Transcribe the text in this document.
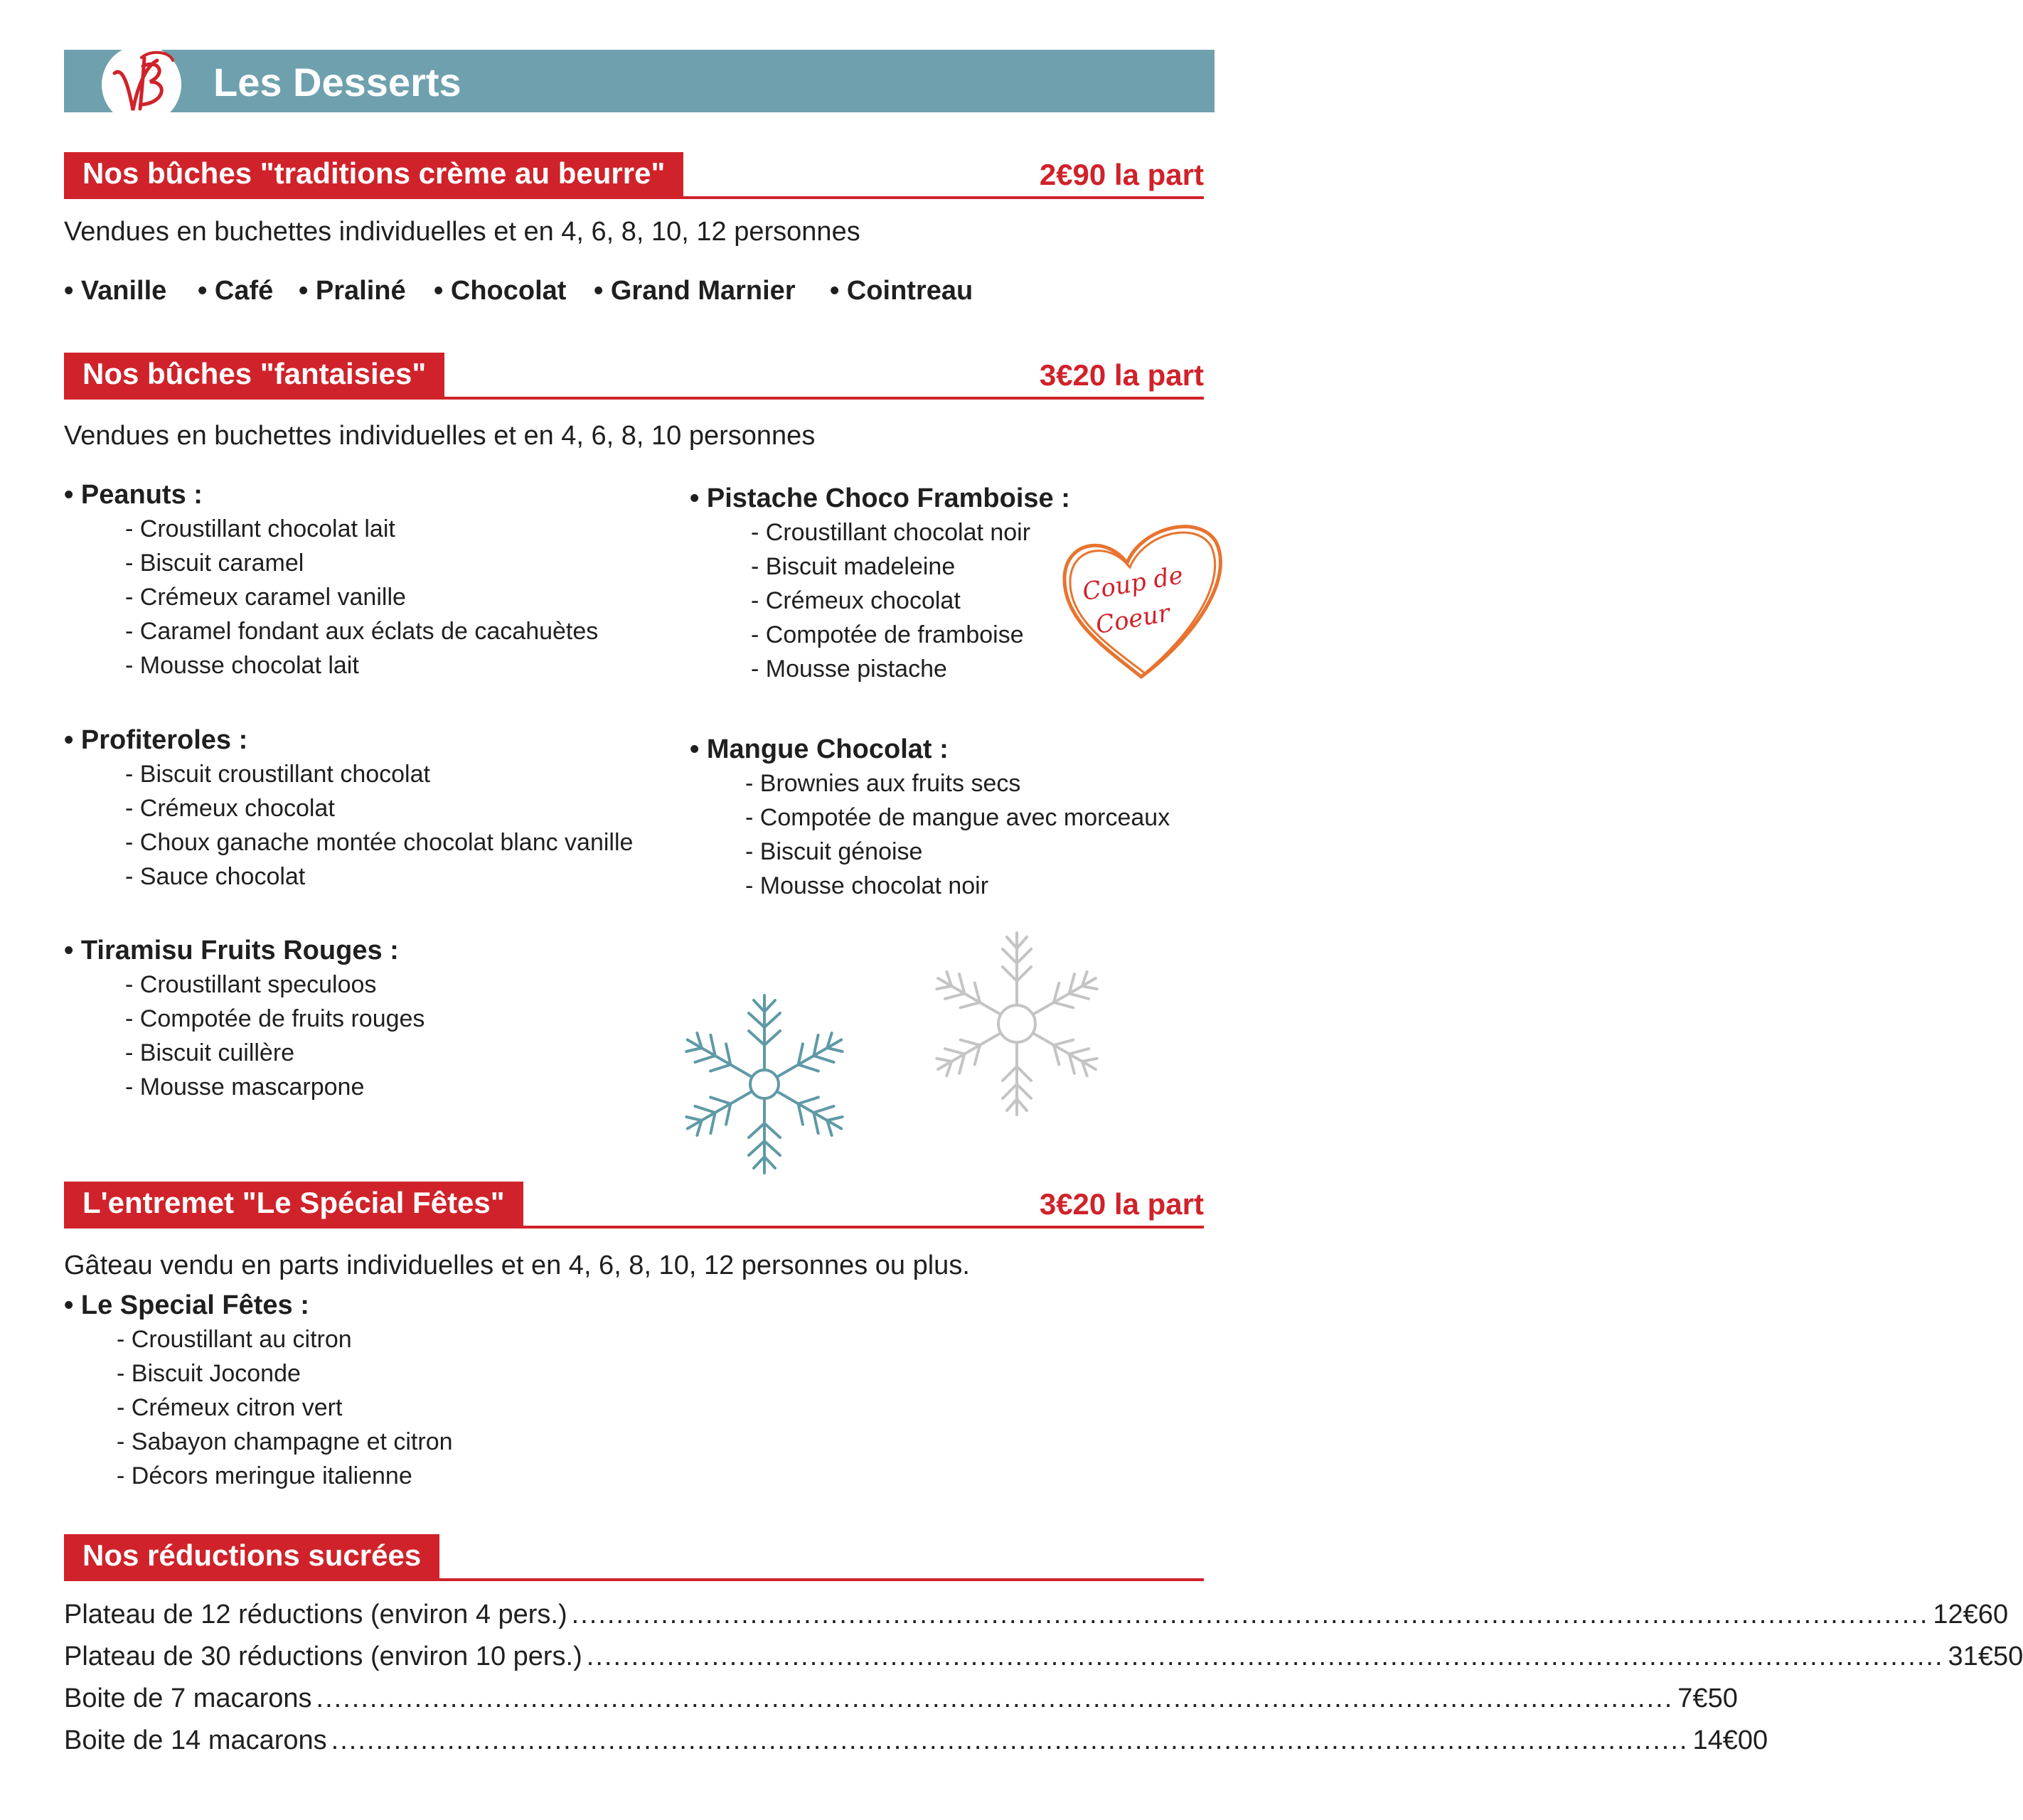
Les Desserts
Nos bûches "traditions crème au beurre"	2€90 la part
Vendues en buchettes individuelles et en 4, 6, 8, 10, 12 personnes
• Vanille • Café • Praliné • Chocolat • Grand Marnier • Cointreau
Nos bûches "fantaisies"	3€20 la part
Vendues en buchettes individuelles et en 4, 6, 8, 10 personnes
• Peanuts :
- Croustillant chocolat lait
- Biscuit caramel
- Crémeux caramel vanille
- Caramel fondant aux éclats de cacahuètes
- Mousse chocolat lait
• Profiteroles :
- Biscuit croustillant chocolat
- Crémeux chocolat
- Choux ganache montée chocolat blanc vanille
- Sauce chocolat
• Tiramisu Fruits Rouges :
- Croustillant speculoos
- Compotée de fruits rouges
- Biscuit cuillère
- Mousse mascarpone
• Pistache Choco Framboise :
- Croustillant chocolat noir
- Biscuit madeleine
- Crémeux chocolat
- Compotée de framboise
- Mousse pistache
Coup de
Coeur
• Mangue Chocolat :
- Brownies aux fruits secs
- Compotée de mangue avec morceaux
- Biscuit génoise
- Mousse chocolat noir
L'entremet "Le Spécial Fêtes"	3€20 la part
Gâteau vendu en parts individuelles et en 4, 6, 8, 10, 12 personnes ou plus.
• Le Special Fêtes :
- Croustillant au citron
- Biscuit Joconde
- Crémeux citron vert
- Sabayon champagne et citron
- Décors meringue italienne
Nos réductions sucrées
Plateau de 12 réductions (environ 4 pers.) ........................................................................................................................................................ 12€60
Plateau de 30 réductions (environ 10 pers.) ........................................................................................................................................................ 31€50
Boite de 7 macarons ........................................................................................................................................................ 7€50
Boite de 14 macarons ........................................................................................................................................................ 14€00
